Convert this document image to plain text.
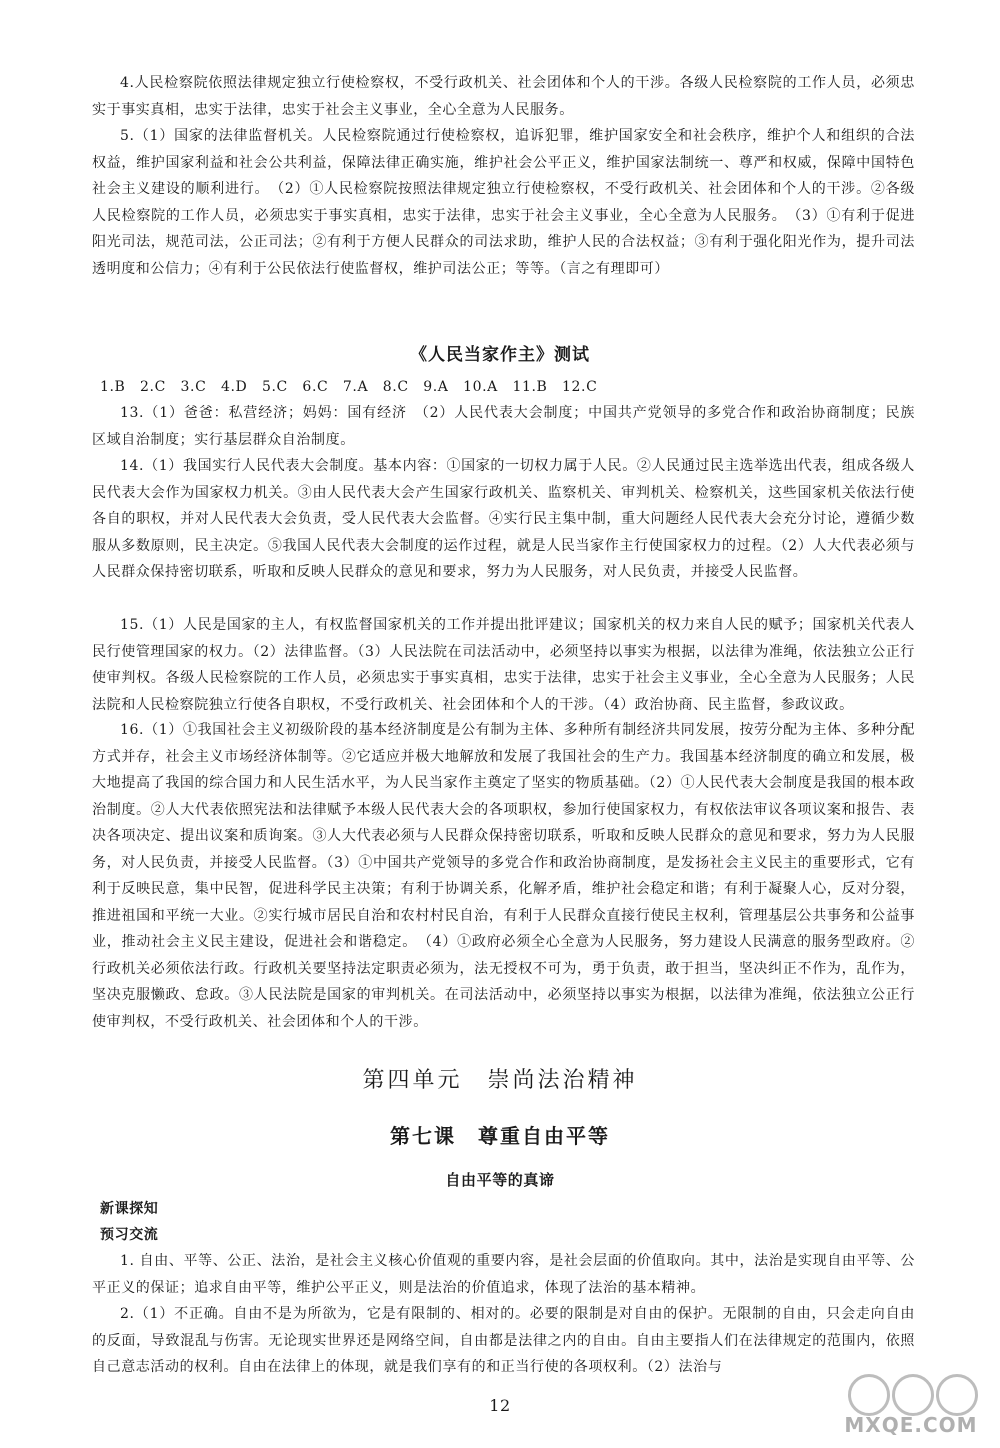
4.人民检察院依照法律规定独立行使检察权，不受行政机关、社会团体和个人的干涉。各级人民检察院的工作人员，必须忠实于事实真相，忠实于法律，忠实于社会主义事业，全心全意为人民服务。

5.（1）国家的法律监督机关。人民检察院通过行使检察权，追诉犯罪，维护国家安全和社会秩序，维护个人和组织的合法权益，维护国家利益和社会公共利益，保障法律正确实施，维护社会公平正义，维护国家法制统一、尊严和权威，保障中国特色社会主义建设的顺利进行。　（2）①人民检察院按照法律规定独立行使检察权，不受行政机关、社会团体和个人的干涉。②各级人民检察院的工作人员，必须忠实于事实真相，忠实于法律，忠实于社会主义事业，全心全意为人民服务。　（3）①有利于促进阳光司法，规范司法，公正司法；②有利于方便人民群众的司法求助，维护人民的合法权益；③有利于强化阳光作为，提升司法透明度和公信力；④有利于公民依法行使监督权，维护司法公正；等等。（言之有理即可）

《人民当家作主》测试

1.B　2.C　3.C　4.D　5.C　6.C　7.A　8.C　9.A　10.A　11.B　12.C

13.（1）爸爸：私营经济；妈妈：国有经济　（2）人民代表大会制度；中国共产党领导的多党合作和政治协商制度；民族区域自治制度；实行基层群众自治制度。

14.（1）我国实行人民代表大会制度。基本内容：①国家的一切权力属于人民。②人民通过民主选举选出代表，组成各级人民代表大会作为国家权力机关。③由人民代表大会产生国家行政机关、监察机关、审判机关、检察机关，这些国家机关依法行使各自的职权，并对人民代表大会负责，受人民代表大会监督。④实行民主集中制，重大问题经人民代表大会充分讨论，遵循少数服从多数原则，民主决定。⑤我国人民代表大会制度的运作过程，就是人民当家作主行使国家权力的过程。（2）人大代表必须与人民群众保持密切联系，听取和反映人民群众的意见和要求，努力为人民服务，对人民负责，并接受人民监督。

15.（1）人民是国家的主人，有权监督国家机关的工作并提出批评建议；国家机关的权力来自人民的赋予；国家机关代表人民行使管理国家的权力。（2）法律监督。（3）人民法院在司法活动中，必须坚持以事实为根据，以法律为准绳，依法独立公正行使审判权。各级人民检察院的工作人员，必须忠实于事实真相，忠实于法律，忠实于社会主义事业，全心全意为人民服务；人民法院和人民检察院独立行使各自职权，不受行政机关、社会团体和个人的干涉。（4）政治协商、民主监督，参政议政。

16.（1）①我国社会主义初级阶段的基本经济制度是公有制为主体、多种所有制经济共同发展，按劳分配为主体、多种分配方式并存，社会主义市场经济体制等。②它适应并极大地解放和发展了我国社会的生产力。我国基本经济制度的确立和发展，极大地提高了我国的综合国力和人民生活水平，为人民当家作主奠定了坚实的物质基础。（2）①人民代表大会制度是我国的根本政治制度。②人大代表依照宪法和法律赋予本级人民代表大会的各项职权，参加行使国家权力，有权依法审议各项议案和报告、表决各项决定、提出议案和质询案。③人大代表必须与人民群众保持密切联系，听取和反映人民群众的意见和要求，努力为人民服务，对人民负责，并接受人民监督。（3）①中国共产党领导的多党合作和政治协商制度，是发扬社会主义民主的重要形式，它有利于反映民意，集中民智，促进科学民主决策；有利于协调关系，化解矛盾，维护社会稳定和谐；有利于凝聚人心，反对分裂，推进祖国和平统一大业。②实行城市居民自治和农村村民自治，有利于人民群众直接行使民主权利，管理基层公共事务和公益事业，推动社会主义民主建设，促进社会和谐稳定。　（4）①政府必须全心全意为人民服务，努力建设人民满意的服务型政府。②行政机关必须依法行政。行政机关要坚持法定职责必须为，法无授权不可为，勇于负责，敢于担当，坚决纠正不作为，乱作为，坚决克服懒政、怠政。③人民法院是国家的审判机关。在司法活动中，必须坚持以事实为根据，以法律为准绳，依法独立公正行使审判权，不受行政机关、社会团体和个人的干涉。

第四单元　崇尚法治精神
第七课　尊重自由平等
自由平等的真谛
新课探知
预习交流

1. 自由、平等、公正、法治，是社会主义核心价值观的重要内容，是社会层面的价值取向。其中，法治是实现自由平等、公平正义的保证；追求自由平等，维护公平正义，则是法治的价值追求，体现了法治的基本精神。

2.（1）不正确。自由不是为所欲为，它是有限制的、相对的。必要的限制是对自由的保护。无限制的自由，只会走向自由的反面，导致混乱与伤害。无论现实世界还是网络空间，自由都是法律之内的自由。自由主要指人们在法律规定的范围内，依照自己意志活动的权利。自由在法律上的体现，就是我们享有的和正当行使的各项权利。（2）法治与

12
MXQE.COM
